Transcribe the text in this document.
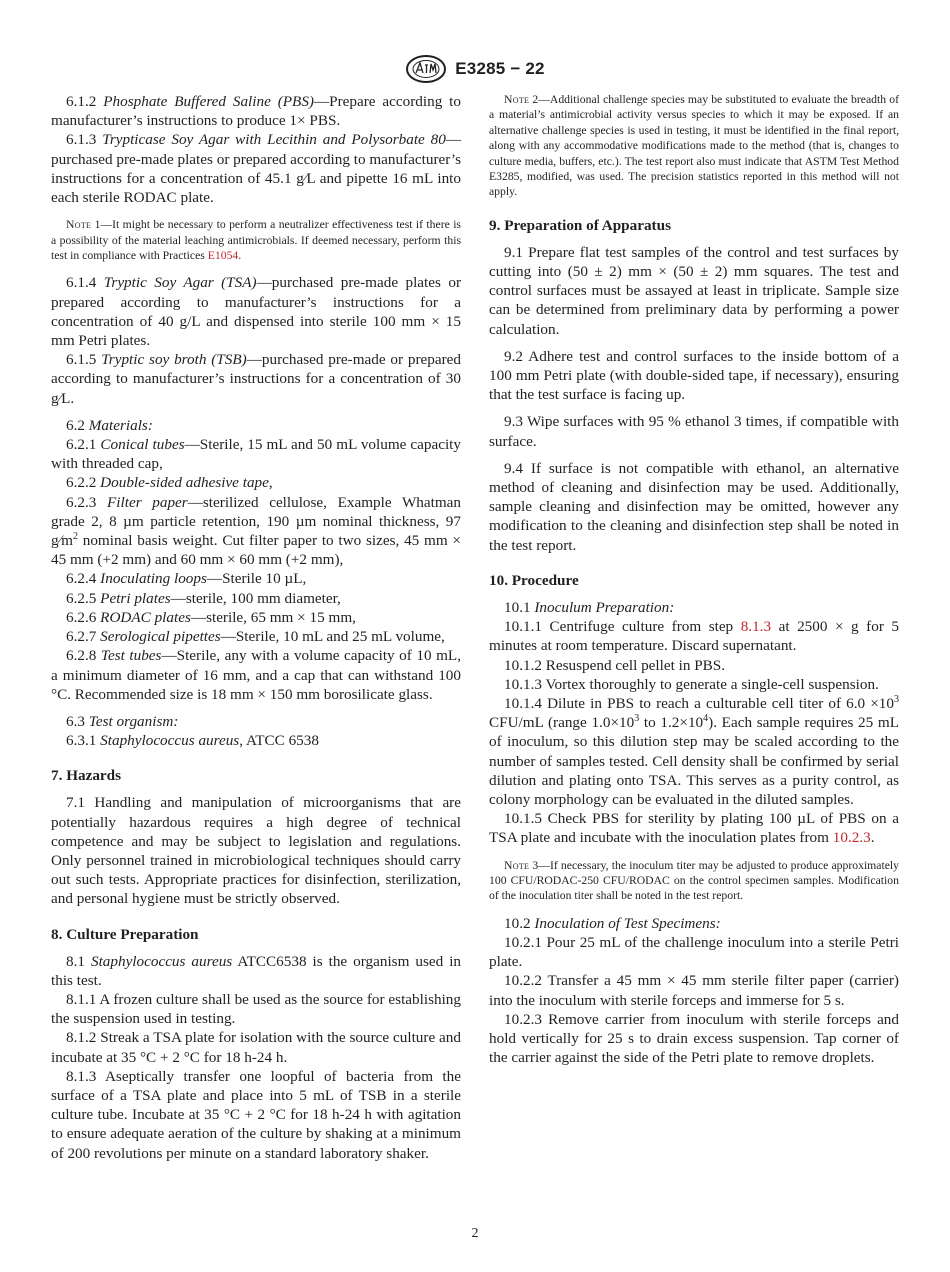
E3285 − 22

6.1.2 Phosphate Buffered Saline (PBS)—Prepare according to manufacturer’s instructions to produce 1× PBS.

6.1.3 Trypticase Soy Agar with Lecithin and Polysorbate 80—purchased pre-made plates or prepared according to manufacturer’s instructions for a concentration of 45.1 g⁄L and pipette 16 mL into each sterile RODAC plate.

Note 1—It might be necessary to perform a neutralizer effectiveness test if there is a possibility of the material leaching antimicrobials. If deemed necessary, perform this test in compliance with Practices E1054.

6.1.4 Tryptic Soy Agar (TSA)—purchased pre-made plates or prepared according to manufacturer’s instructions for a concentration of 40 g/L and dispensed into sterile 100 mm × 15 mm Petri plates.

6.1.5 Tryptic soy broth (TSB)—purchased pre-made or prepared according to manufacturer’s instructions for a concentration of 30 g⁄L.

6.2 Materials:

6.2.1 Conical tubes—Sterile, 15 mL and 50 mL volume capacity with threaded cap,

6.2.2 Double-sided adhesive tape,

6.2.3 Filter paper—sterilized cellulose, Example Whatman grade 2, 8 µm particle retention, 190 µm nominal thickness, 97 $g⁄m^2$ nominal basis weight. Cut filter paper to two sizes, 45 mm × 45 mm (+2 mm) and 60 mm × 60 mm (+2 mm),

6.2.4 Inoculating loops—Sterile 10 µL,

6.2.5 Petri plates—sterile, 100 mm diameter,

6.2.6 RODAC plates—sterile, 65 mm × 15 mm,

6.2.7 Serological pipettes—Sterile, 10 mL and 25 mL volume,

6.2.8 Test tubes—Sterile, any with a volume capacity of 10 mL, a minimum diameter of 16 mm, and a cap that can withstand 100 °C. Recommended size is 18 mm × 150 mm borosilicate glass.

6.3 Test organism:

6.3.1 Staphylococcus aureus, ATCC 6538

7. Hazards

7.1 Handling and manipulation of microorganisms that are potentially hazardous requires a high degree of technical competence and may be subject to legislation and regulations. Only personnel trained in microbiological techniques should carry out such tests. Appropriate practices for disinfection, sterilization, and personal hygiene must be strictly observed.

8. Culture Preparation

8.1 Staphylococcus aureus ATCC6538 is the organism used in this test.

8.1.1 A frozen culture shall be used as the source for establishing the suspension used in testing.

8.1.2 Streak a TSA plate for isolation with the source culture and incubate at 35 °C + 2 °C for 18 h-24 h.

8.1.3 Aseptically transfer one loopful of bacteria from the surface of a TSA plate and place into 5 mL of TSB in a sterile culture tube. Incubate at 35 °C + 2 °C for 18 h-24 h with agitation to ensure adequate aeration of the culture by shaking at a minimum of 200 revolutions per minute on a standard laboratory shaker.

Note 2—Additional challenge species may be substituted to evaluate the breadth of a material’s antimicrobial activity versus species to which it may be exposed. If an alternative challenge species is used in testing, it must be identified in the final report, along with any accommodative modifications made to the method (that is, changes to culture media, buffers, etc.). The test report also must indicate that ASTM Test Method E3285, modified, was used. The precision statistics reported in this method will not apply.

9. Preparation of Apparatus

9.1 Prepare flat test samples of the control and test surfaces by cutting into (50 ± 2) mm × (50 ± 2) mm squares. The test and control surfaces must be assayed at least in triplicate. Sample size can be determined from preliminary data by performing a power calculation.

9.2 Adhere test and control surfaces to the inside bottom of a 100 mm Petri plate (with double-sided tape, if necessary), ensuring that the test surface is facing up.

9.3 Wipe surfaces with 95 % ethanol 3 times, if compatible with surface.

9.4 If surface is not compatible with ethanol, an alternative method of cleaning and disinfection may be used. Additionally, sample cleaning and disinfection may be omitted, however any modification to the cleaning and disinfection step shall be noted in the test report.

10. Procedure

10.1 Inoculum Preparation:

10.1.1 Centrifuge culture from step 8.1.3 at 2500 × g for 5 minutes at room temperature. Discard supernatant.

10.1.2 Resuspend cell pellet in PBS.

10.1.3 Vortex thoroughly to generate a single-cell suspension.

10.1.4 Dilute in PBS to reach a culturable cell titer of $6.0 \times 10^3$ CFU/mL (range $1.0\times 10^3$ to $1.2\times 10^4$). Each sample requires 25 mL of inoculum, so this dilution step may be scaled according to the number of samples tested. Cell density shall be confirmed by serial dilution and plating onto TSA. This serves as a purity control, as colony morphology can be evaluated in the diluted samples.

10.1.5 Check PBS for sterility by plating 100 µL of PBS on a TSA plate and incubate with the inoculation plates from 10.2.3.

Note 3—If necessary, the inoculum titer may be adjusted to produce approximately 100 CFU/RODAC-250 CFU/RODAC on the control specimen samples. Modification of the inoculation titer shall be noted in the test report.

10.2 Inoculation of Test Specimens:

10.2.1 Pour 25 mL of the challenge inoculum into a sterile Petri plate.

10.2.2 Transfer a 45 mm × 45 mm sterile filter paper (carrier) into the inoculum with sterile forceps and immerse for 5 s.

10.2.3 Remove carrier from inoculum with sterile forceps and hold vertically for 25 s to drain excess suspension. Tap corner of the carrier against the side of the Petri plate to remove droplets.

2
